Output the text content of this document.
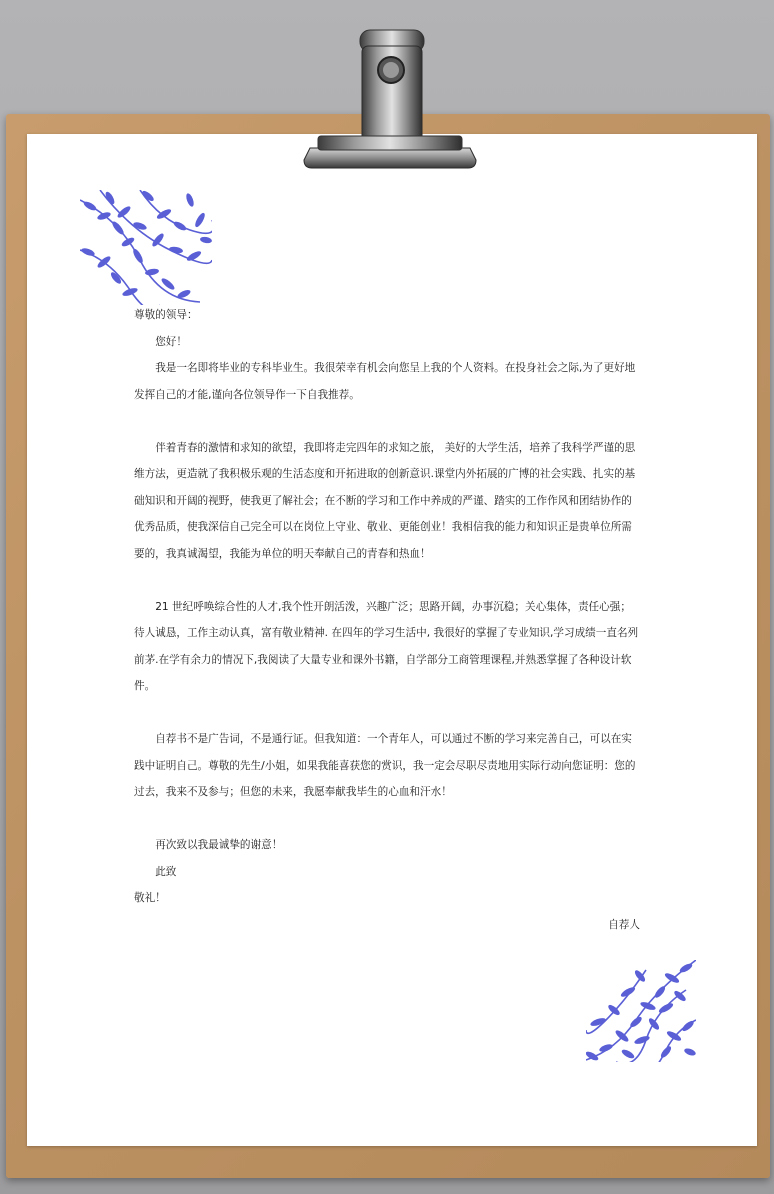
尊敬的领导：

您好！

我是一名即将毕业的专科毕业生。我很荣幸有机会向您呈上我的个人资料。在投身社会之际,为了更好地发挥自己的才能,谨向各位领导作一下自我推荐。

伴着青春的激情和求知的欲望，我即将走完四年的求知之旅， 美好的大学生活，培养了我科学严谨的思维方法，更造就了我积极乐观的生活态度和开拓进取的创新意识.课堂内外拓展的广博的社会实践、扎实的基础知识和开阔的视野，使我更了解社会；在不断的学习和工作中养成的严谨、踏实的工作作风和团结协作的优秀品质，使我深信自己完全可以在岗位上守业、敬业、更能创业！我相信我的能力和知识正是贵单位所需要的，我真诚渴望，我能为单位的明天奉献自己的青春和热血！

21 世纪呼唤综合性的人才,我个性开朗活泼，兴趣广泛；思路开阔，办事沉稳；关心集体，责任心强；待人诚恳，工作主动认真，富有敬业精神. 在四年的学习生活中, 我很好的掌握了专业知识,学习成绩一直名列前茅.在学有余力的情况下,我阅读了大量专业和课外书籍，自学部分工商管理课程,并熟悉掌握了各种设计软件。

自荐书不是广告词，不是通行证。但我知道：一个青年人，可以通过不断的学习来完善自己，可以在实践中证明自己。尊敬的先生/小姐，如果我能喜获您的赏识，我一定会尽职尽责地用实际行动向您证明：您的过去，我来不及参与；但您的未来，我愿奉献我毕生的心血和汗水！

再次致以我最诚挚的谢意！

此致

敬礼！

自荐人
